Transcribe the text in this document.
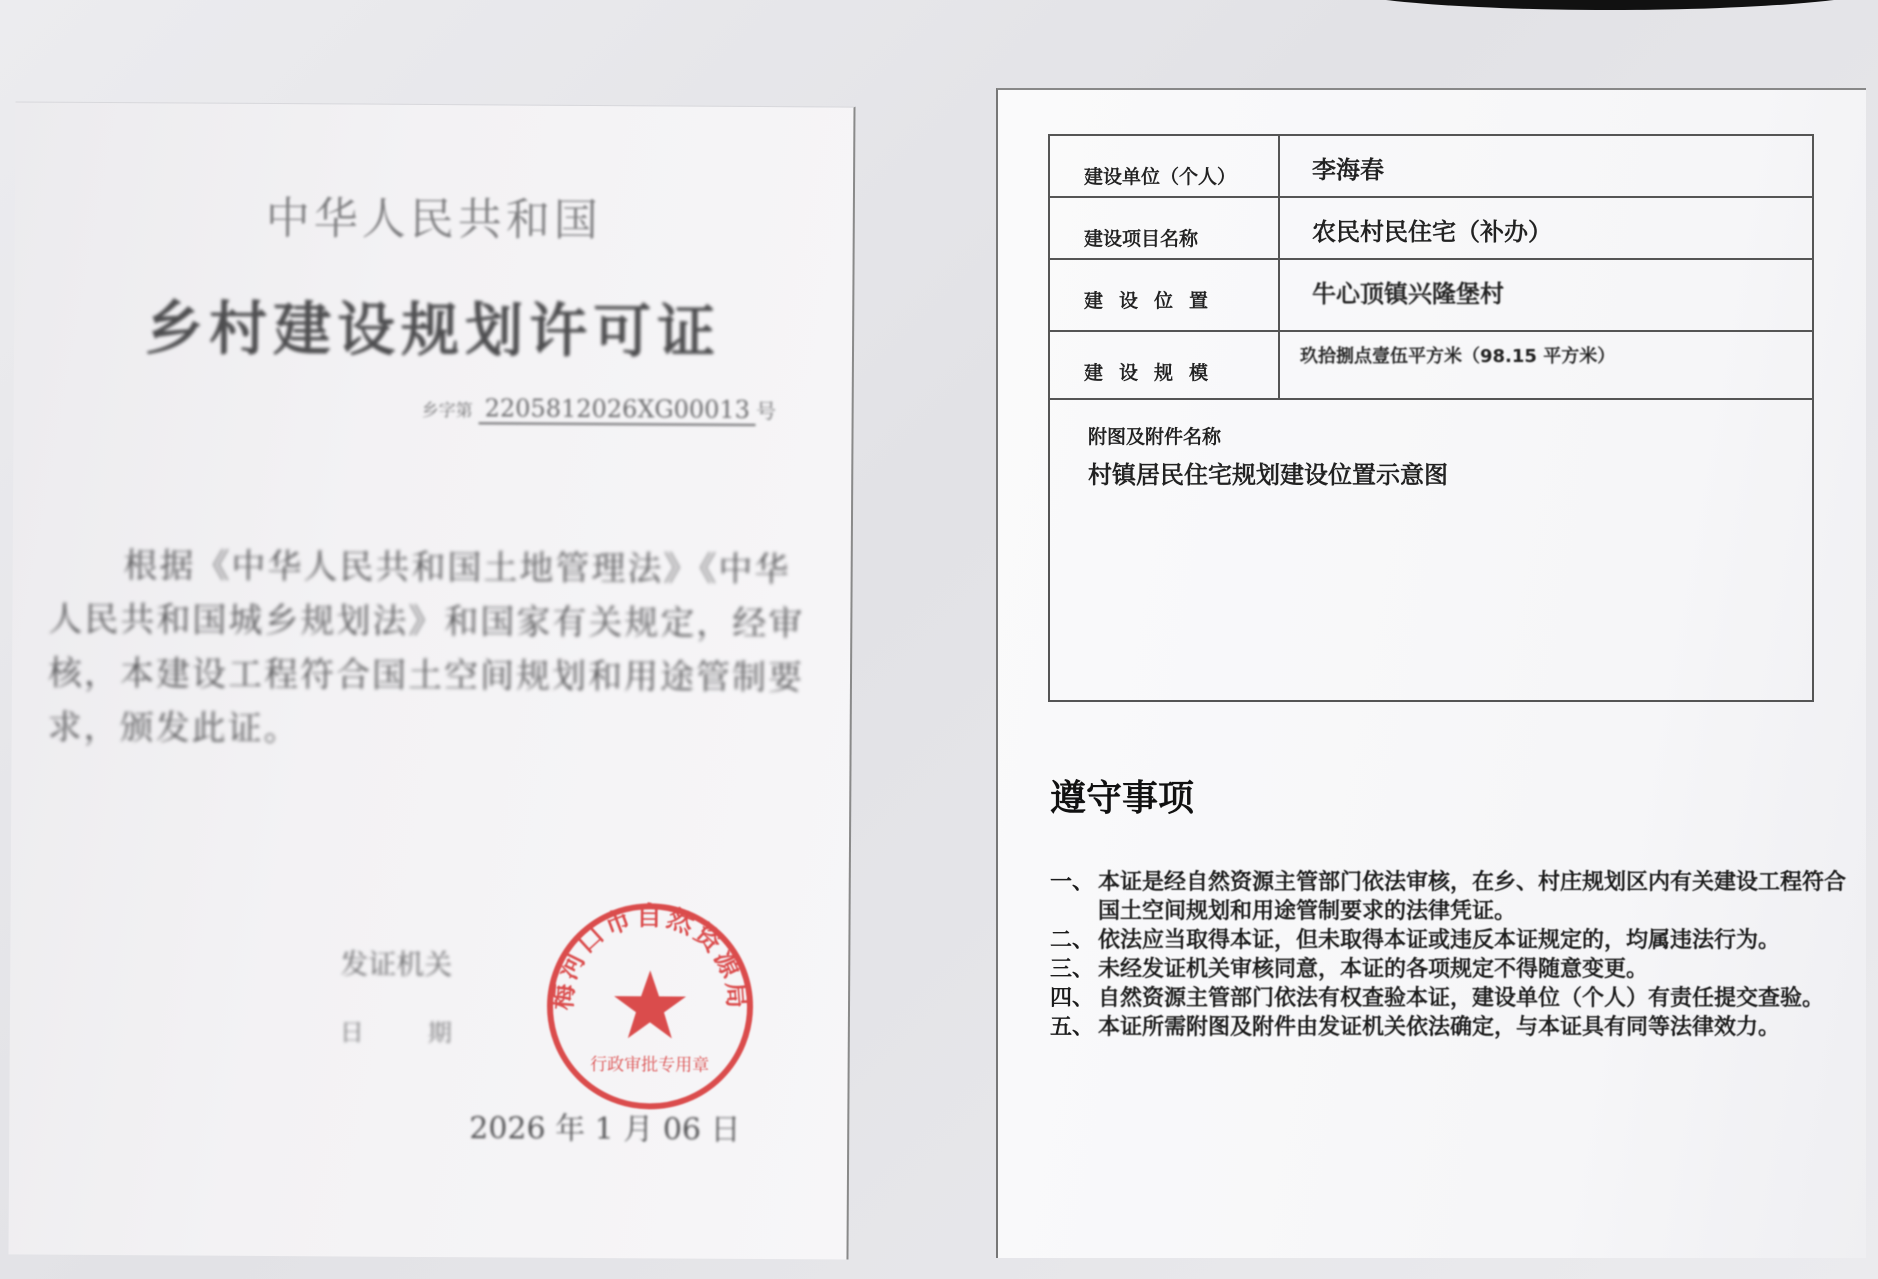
中华人民共和国
乡村建设规划许可证
乡字第 2205812026XG00013 号
根据《中华人民共和国土地管理法》《中华人民共和国城乡规划法》和国家有关规定，经审核，本建设工程符合国土空间规划和用途管制要求，颁发此证。
发证机关
日期
2026 年 1 月 06 日
梅河口市自然资源局
行政审批专用章
建设单位（个人）	李海春
建设项目名称	农民村民住宅（补办）
建设位置	牛心顶镇兴隆堡村
建设规模	玖拾捌点壹伍平方米（98.15 平方米）

附图及附件名称
村镇居民住宅规划建设位置示意图	
遵守事项
一、 本证是经自然资源主管部门依法审核，在乡、村庄规划区内有关建设工程符合国土空间规划和用途管制要求的法律凭证。
二、 依法应当取得本证，但未取得本证或违反本证规定的，均属违法行为。
三、 未经发证机关审核同意，本证的各项规定不得随意变更。
四、 自然资源主管部门依法有权查验本证，建设单位（个人）有责任提交查验。
五、 本证所需附图及附件由发证机关依法确定，与本证具有同等法律效力。
